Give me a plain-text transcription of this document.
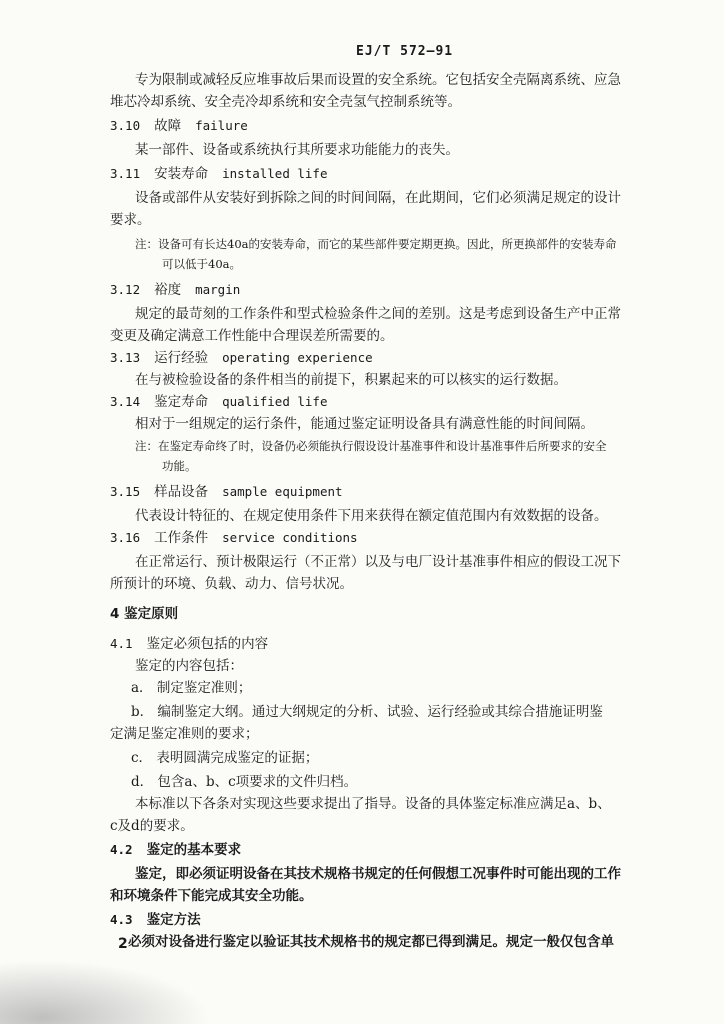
EJ/T 572—91
专为限制或减轻反应堆事故后果而设置的安全系统。它包括安全壳隔离系统、应急
堆芯冷却系统、安全壳冷却系统和安全壳氢气控制系统等。
3.10 故障 failure
某一部件、设备或系统执行其所要求功能能力的丧失。
3.11 安装寿命 installed life
设备或部件从安装好到拆除之间的时间间隔，在此期间，它们必须满足规定的设计
要求。
注：设备可有长达40a的安装寿命，而它的某些部件要定期更换。因此，所更换部件的安装寿命
可以低于40a。
3.12 裕度 margin
规定的最苛刻的工作条件和型式检验条件之间的差别。这是考虑到设备生产中正常
变更及确定满意工作性能中合理误差所需要的。
3.13 运行经验 operating experience
在与被检验设备的条件相当的前提下，积累起来的可以核实的运行数据。
3.14 鉴定寿命 qualified life
相对于一组规定的运行条件，能通过鉴定证明设备具有满意性能的时间间隔。
注：在鉴定寿命终了时，设备仍必须能执行假设设计基准事件和设计基准事件后所要求的安全
功能。
3.15 样品设备 sample equipment
代表设计特征的、在规定使用条件下用来获得在额定值范围内有效数据的设备。
3.16 工作条件 service conditions
在正常运行、预计极限运行（不正常）以及与电厂设计基准事件相应的假设工况下
所预计的环境、负载、动力、信号状况。
4 鉴定原则
4.1 鉴定必须包括的内容
鉴定的内容包括：
a． 制定鉴定准则；
b． 编制鉴定大纲。通过大纲规定的分析、试验、运行经验或其综合措施证明鉴
定满足鉴定准则的要求；
c． 表明圆满完成鉴定的证据；
d． 包含a、b、c项要求的文件归档。
本标准以下各条对实现这些要求提出了指导。设备的具体鉴定标准应满足a、b、
c及d的要求。
4.2 鉴定的基本要求
鉴定，即必须证明设备在其技术规格书规定的任何假想工况事件时可能出现的工作
和环境条件下能完成其安全功能。
4.3 鉴定方法
必须对设备进行鉴定以验证其技术规格书的规定都已得到满足。规定一般仅包含单
2
